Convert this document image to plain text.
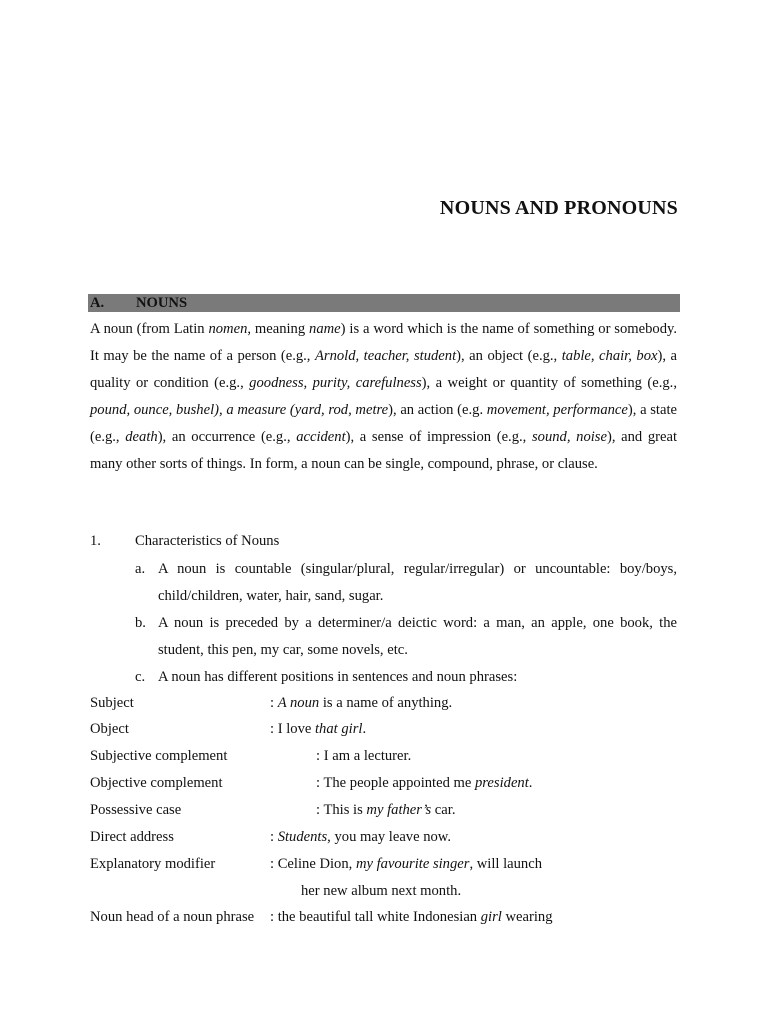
NOUNS AND PRONOUNS
A. NOUNS

A noun (from Latin nomen, meaning name) is a word which is the name of something or somebody. It may be the name of a person (e.g., Arnold, teacher, student), an object (e.g., table, chair, box), a quality or condition (e.g., goodness, purity, carefulness), a weight or quantity of something (e.g., pound, ounce, bushel), a measure (yard, rod, metre), an action (e.g. movement, performance), a state (e.g., death), an occurrence (e.g., accident), a sense of impression (e.g., sound, noise), and great many other sorts of things. In form, a noun can be single, compound, phrase, or clause.

1. Characteristics of Nouns
a. A noun is countable (singular/plural, regular/irregular) or uncountable: boy/boys, child/children, water, hair, sand, sugar.
b. A noun is preceded by a determiner/a deictic word: a man, an apple, one book, the student, this pen, my car, some novels, etc.
c. A noun has different positions in sentences and noun phrases:
Subject	: A noun is a name of anything.
Object	: I love that girl.
Subjective complement	: I am a lecturer.
Objective complement	: The people appointed me president.
Possessive case	: This is my father’s car.
Direct address	: Students, you may leave now.
Explanatory modifier	: Celine Dion, my favourite singer, will launch
her new album next month.
Noun head of a noun phrase : the beautiful tall white Indonesian girl wearing
